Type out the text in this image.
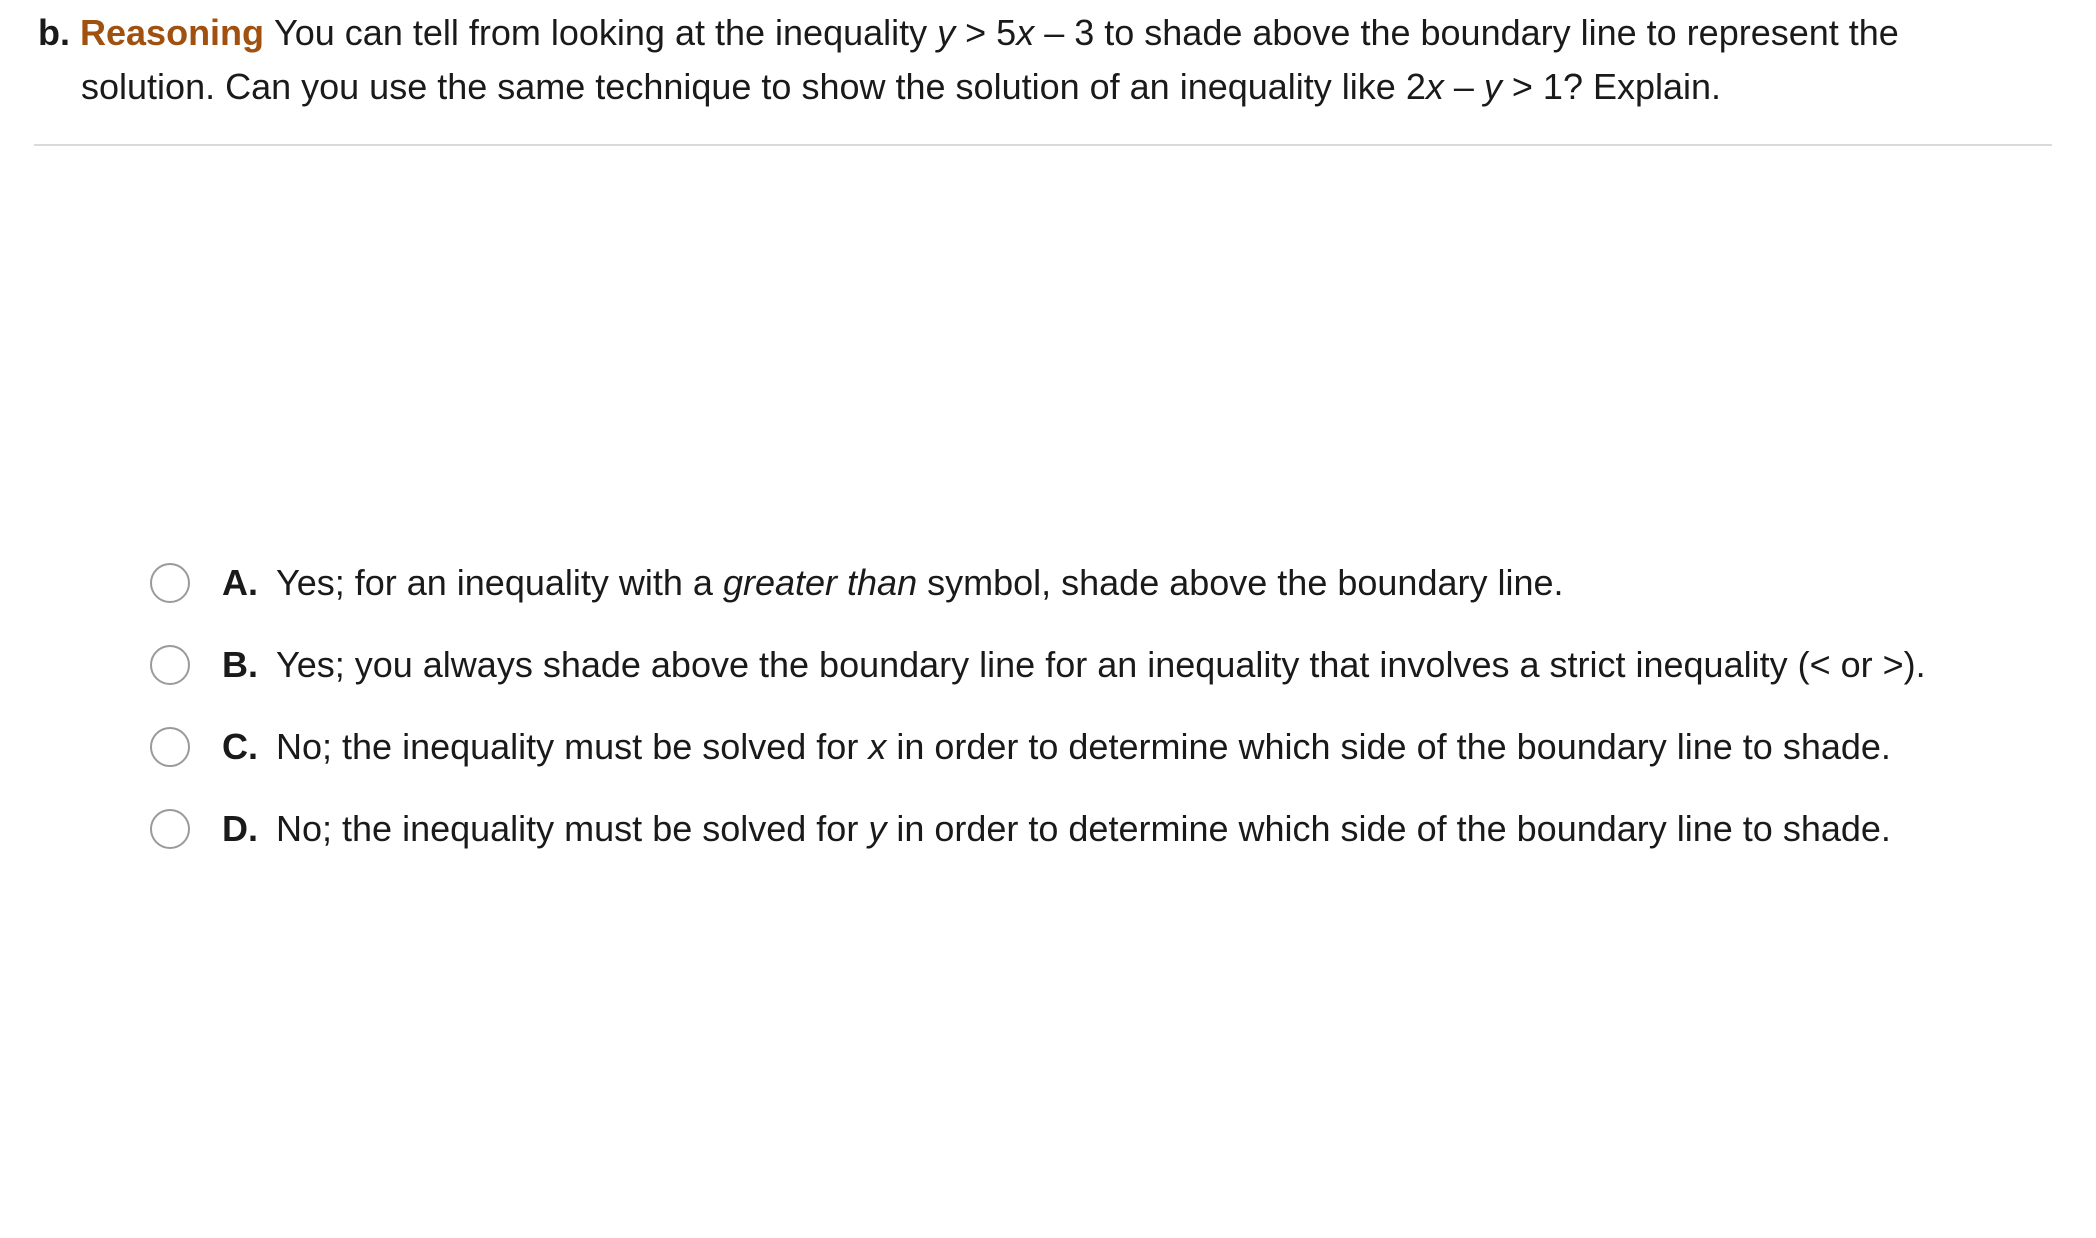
b. Reasoning You can tell from looking at the inequality y > 5x – 3 to shade above the boundary line to represent the
solution. Can you use the same technique to show the solution of an inequality like 2x – y > 1? Explain.
A. Yes; for an inequality with a greater than symbol, shade above the boundary line.
B. Yes; you always shade above the boundary line for an inequality that involves a strict inequality (< or >).
C. No; the inequality must be solved for x in order to determine which side of the boundary line to shade.
D. No; the inequality must be solved for y in order to determine which side of the boundary line to shade.
